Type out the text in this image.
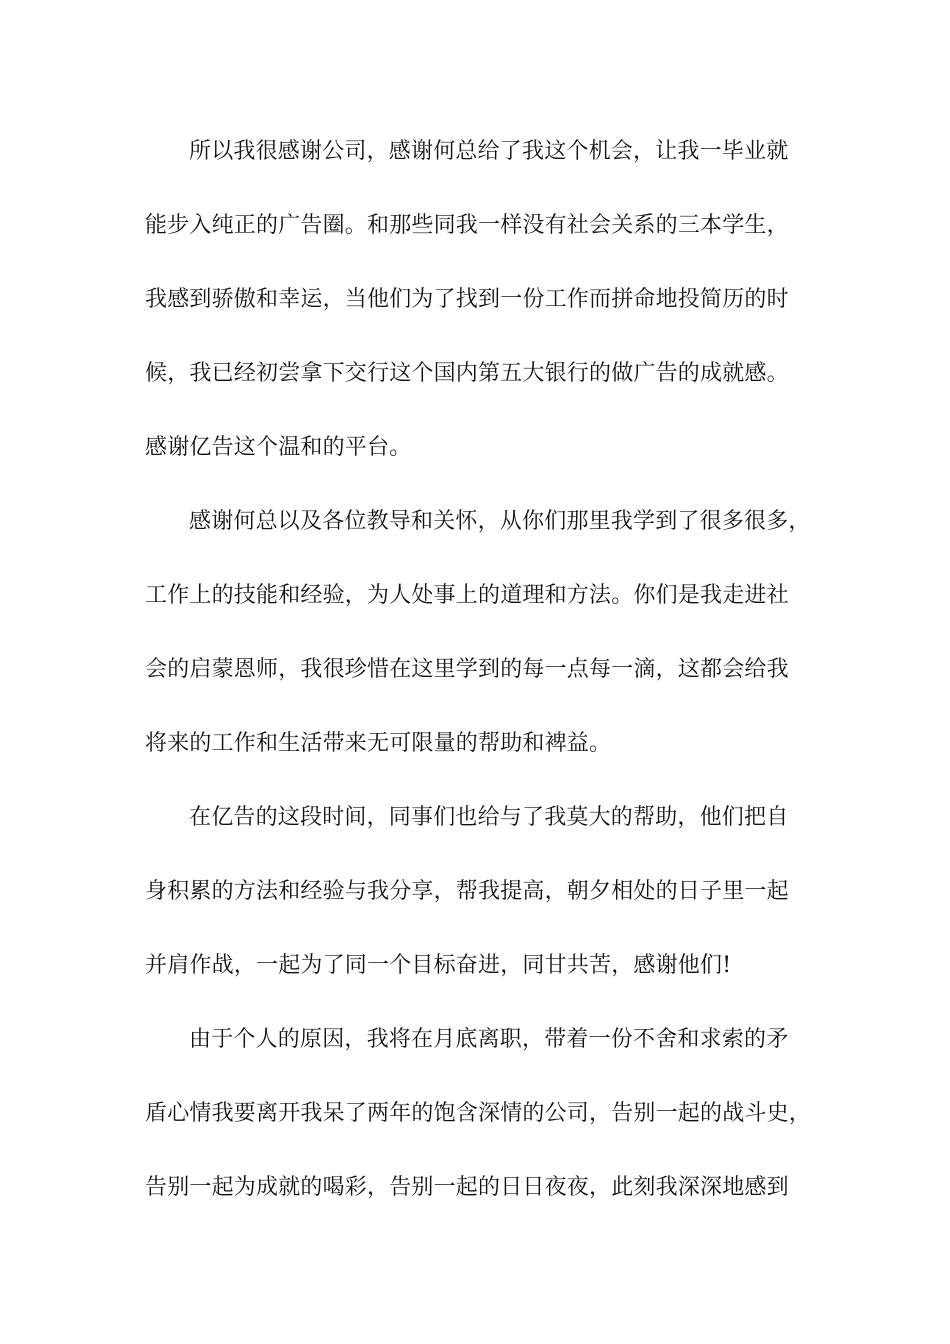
所以我很感谢公司，感谢何总给了我这个机会，让我一毕业就
能步入纯正的广告圈。和那些同我一样没有社会关系的三本学生，
我感到骄傲和幸运，当他们为了找到一份工作而拼命地投简历的时
候，我已经初尝拿下交行这个国内第五大银行的做广告的成就感。
感谢亿告这个温和的平台。
感谢何总以及各位教导和关怀，从你们那里我学到了很多很多，
工作上的技能和经验，为人处事上的道理和方法。你们是我走进社
会的启蒙恩师，我很珍惜在这里学到的每一点每一滴，这都会给我
将来的工作和生活带来无可限量的帮助和裨益。
在亿告的这段时间，同事们也给与了我莫大的帮助，他们把自
身积累的方法和经验与我分享，帮我提高，朝夕相处的日子里一起
并肩作战，一起为了同一个目标奋进，同甘共苦，感谢他们!
由于个人的原因，我将在月底离职，带着一份不舍和求索的矛
盾心情我要离开我呆了两年的饱含深情的公司，告别一起的战斗史，
告别一起为成就的喝彩，告别一起的日日夜夜，此刻我深深地感到
